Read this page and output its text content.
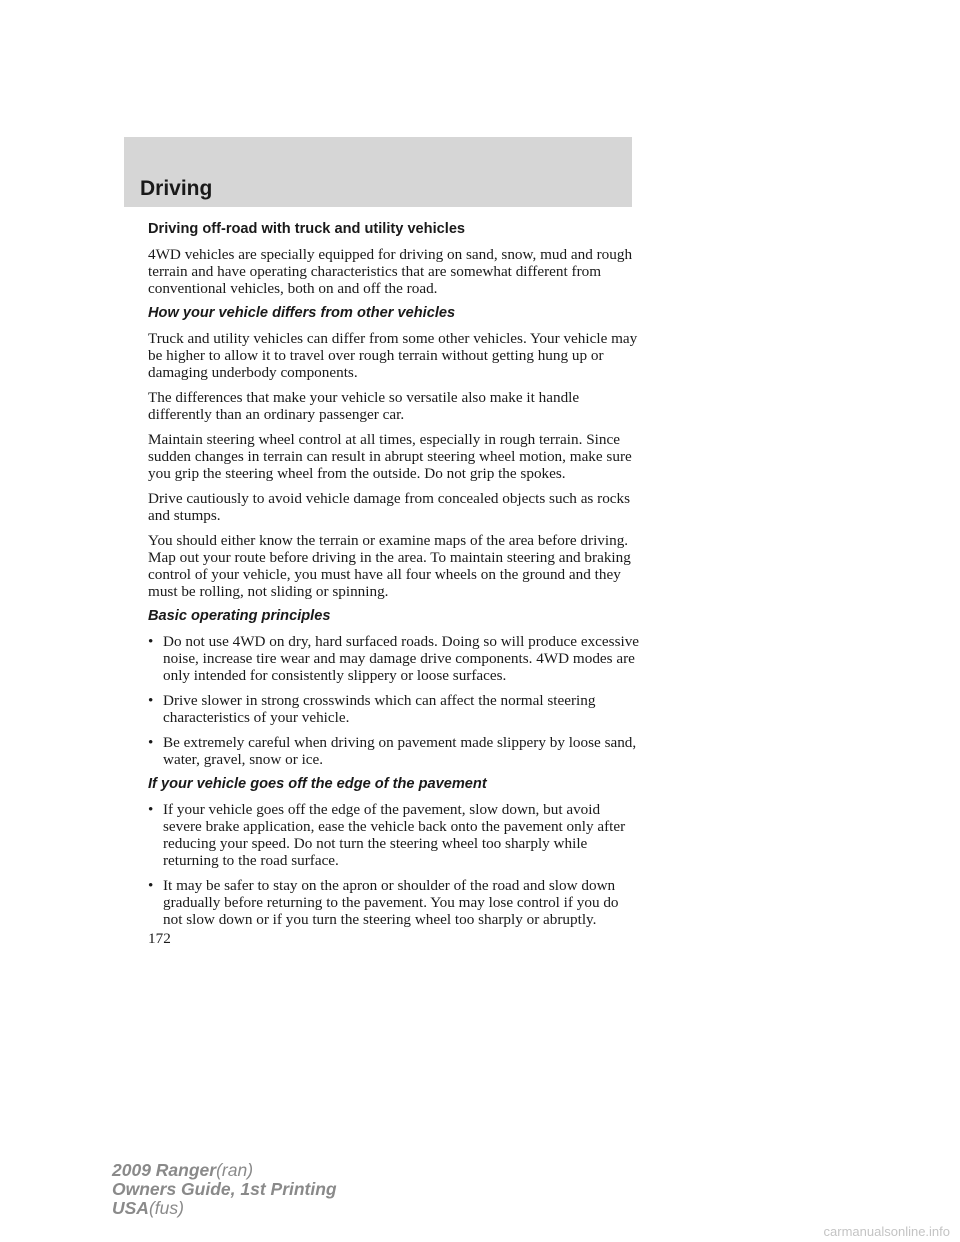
Driving
Driving off-road with truck and utility vehicles

4WD vehicles are specially equipped for driving on sand, snow, mud and rough terrain and have operating characteristics that are somewhat different from conventional vehicles, both on and off the road.

How your vehicle differs from other vehicles

Truck and utility vehicles can differ from some other vehicles. Your vehicle may be higher to allow it to travel over rough terrain without getting hung up or damaging underbody components.

The differences that make your vehicle so versatile also make it handle differently than an ordinary passenger car.

Maintain steering wheel control at all times, especially in rough terrain. Since sudden changes in terrain can result in abrupt steering wheel motion, make sure you grip the steering wheel from the outside. Do not grip the spokes.

Drive cautiously to avoid vehicle damage from concealed objects such as rocks and stumps.

You should either know the terrain or examine maps of the area before driving. Map out your route before driving in the area. To maintain steering and braking control of your vehicle, you must have all four wheels on the ground and they must be rolling, not sliding or spinning.

Basic operating principles
• Do not use 4WD on dry, hard surfaced roads. Doing so will produce excessive noise, increase tire wear and may damage drive components. 4WD modes are only intended for consistently slippery or loose surfaces.
• Drive slower in strong crosswinds which can affect the normal steering characteristics of your vehicle.
• Be extremely careful when driving on pavement made slippery by loose sand, water, gravel, snow or ice.
If your vehicle goes off the edge of the pavement
• If your vehicle goes off the edge of the pavement, slow down, but avoid severe brake application, ease the vehicle back onto the pavement only after reducing your speed. Do not turn the steering wheel too sharply while returning to the road surface.
• It may be safer to stay on the apron or shoulder of the road and slow down gradually before returning to the pavement. You may lose control if you do not slow down or if you turn the steering wheel too sharply or abruptly.
172
2009 Ranger(ran)
Owners Guide, 1st Printing
USA(fus)
carmanualsonline.info
